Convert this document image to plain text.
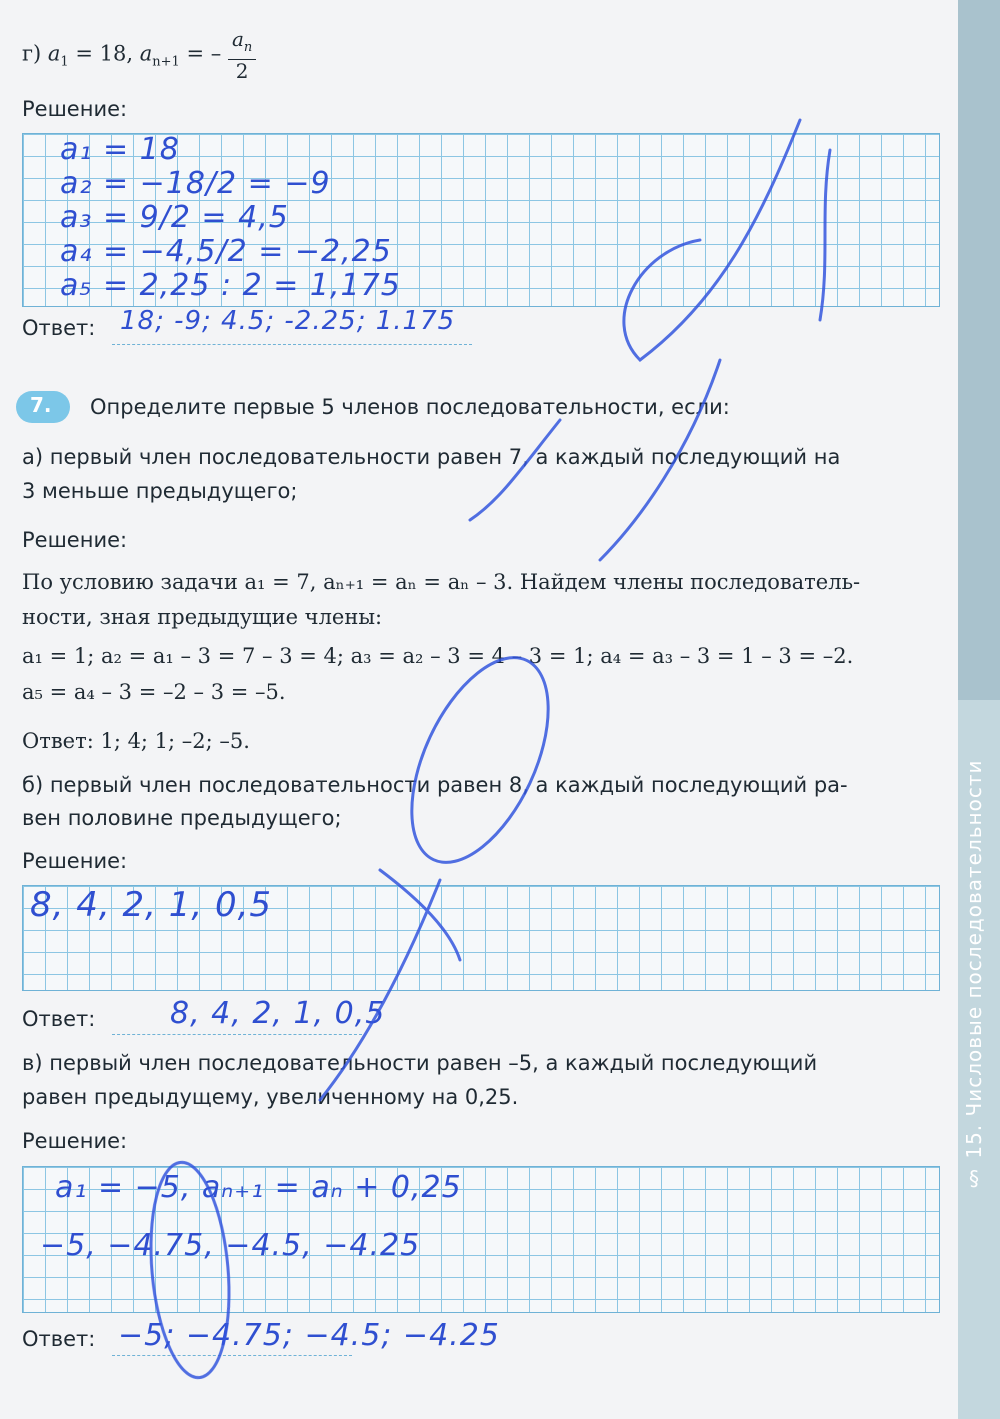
§ 15. Числовые последовательности
г) $a_1 = 18$, $a_{n+1}$ = – $\frac{a_n}{2}$
Решение:
a₁ = 18
a₂ = −18/2 = −9
a₃ = 9/2 = 4,5
a₄ = −4,5/2 = −2,25
a₅ = 2,25 : 2 = 1,175
Ответ: 18; -9; 4.5; -2.25; 1.175
7. Определите первые 5 членов последовательности, если:
а) первый член последовательности равен 7, а каждый последующий на
3 меньше предыдущего;
Решение:
По условию задачи a₁ = 7, aₙ₊₁ = aₙ = aₙ – 3. Найдем члены последователь-
ности, зная предыдущие члены:
a₁ = 1; a₂ = a₁ – 3 = 7 – 3 = 4; a₃ = a₂ – 3 = 4 – 3 = 1; a₄ = a₃ – 3 = 1 – 3 = –2.
a₅ = a₄ – 3 = –2 – 3 = –5.
Ответ: 1; 4; 1; –2; –5.
б) первый член последовательности равен 8, а каждый последующий ра-
вен половине предыдущего;
Решение:
8, 4, 2, 1, 0,5
Ответ: 8, 4, 2, 1, 0,5
в) первый член последовательности равен –5, а каждый последующий
равен предыдущему, увеличенному на 0,25.
Решение:
a₁ = −5, aₙ₊₁ = aₙ + 0,25
−5, −4.75, −4.5, −4.25
Ответ: −5; −4.75; −4.5; −4.25
